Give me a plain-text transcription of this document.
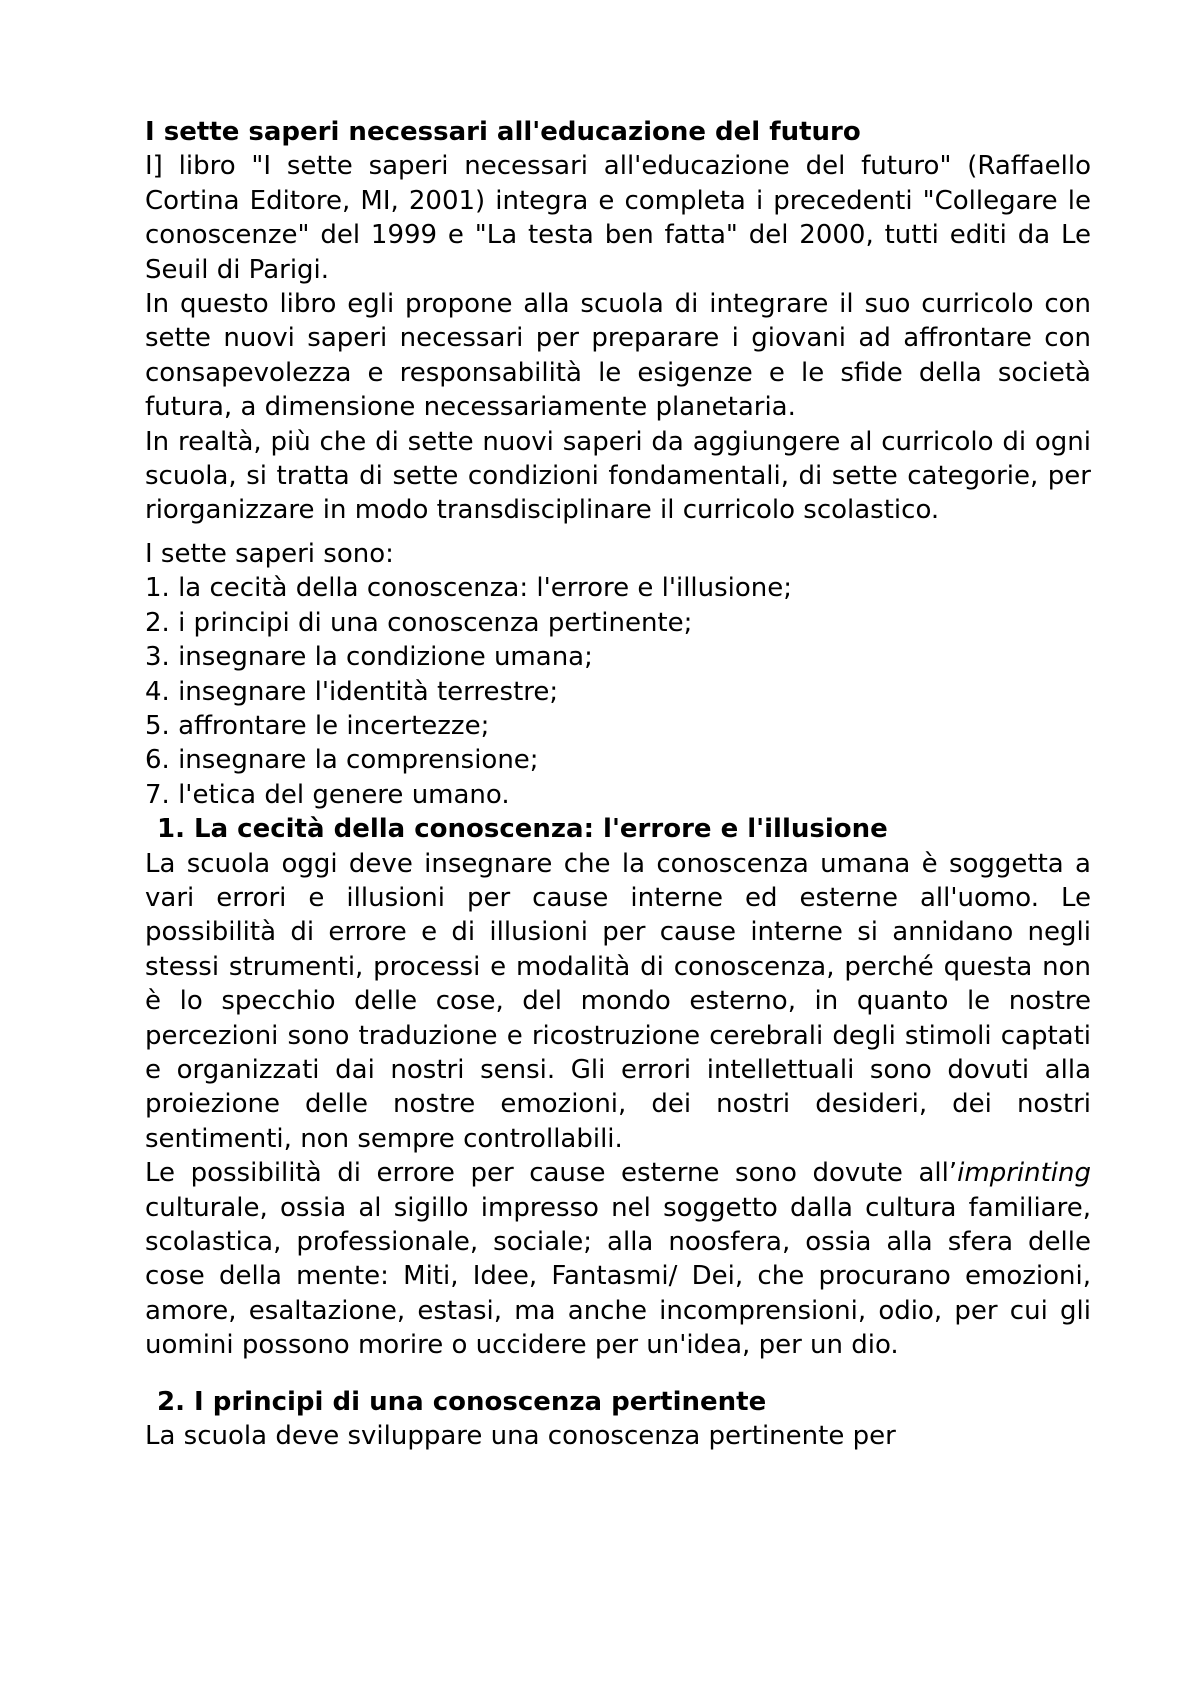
I sette saperi necessari all'educazione del futuro

I] libro "I sette saperi necessari all'educazione del futuro" (Raffaello Cortina Editore, MI, 2001) integra e completa i precedenti "Collegare le conoscenze" del 1999 e "La testa ben fatta" del 2000, tutti editi da Le Seuil di Parigi.

In questo libro egli propone alla scuola di integrare il suo curricolo con sette nuovi saperi necessari per preparare i giovani ad affrontare con consapevolezza e responsabilità le esigenze e le sfide della società futura, a dimensione necessariamente planetaria.

In realtà, più che di sette nuovi saperi da aggiungere al curricolo di ogni scuola, si tratta di sette condizioni fondamentali, di sette categorie, per riorganizzare in modo transdisciplinare il curricolo scolastico.

I sette saperi sono:

1. la cecità della conoscenza: l'errore e l'illusione;
2. i principi di una conoscenza pertinente;
3. insegnare la condizione umana;
4. insegnare l'identità terrestre;
5. affrontare le incertezze;
6. insegnare la comprensione;
7. l'etica del genere umano.
1. La cecità della conoscenza: l'errore e l'illusione

La scuola oggi deve insegnare che la conoscenza umana è soggetta a vari errori e illusioni per cause interne ed esterne all'uomo. Le possibilità di errore e di illusioni per cause interne si annidano negli stessi strumenti, processi e modalità di conoscenza, perché questa non è lo specchio delle cose, del mondo esterno, in quanto le nostre percezioni sono traduzione e ricostruzione cerebrali degli stimoli captati e organizzati dai nostri sensi. Gli errori intellettuali sono dovuti alla proiezione delle nostre emozioni, dei nostri desideri, dei nostri sentimenti, non sempre controllabili.

Le possibilità di errore per cause esterne sono dovute all’imprinting culturale, ossia al sigillo impresso nel soggetto dalla cultura familiare, scolastica, professionale, sociale; alla noosfera, ossia alla sfera delle cose della mente: Miti, Idee, Fantasmi/ Dei, che procurano emozioni, amore, esaltazione, estasi, ma anche incomprensioni, odio, per cui gli uomini possono morire o uccidere per un'idea, per un dio.

2. I principi di una conoscenza pertinente

La scuola deve sviluppare una conoscenza pertinente per
